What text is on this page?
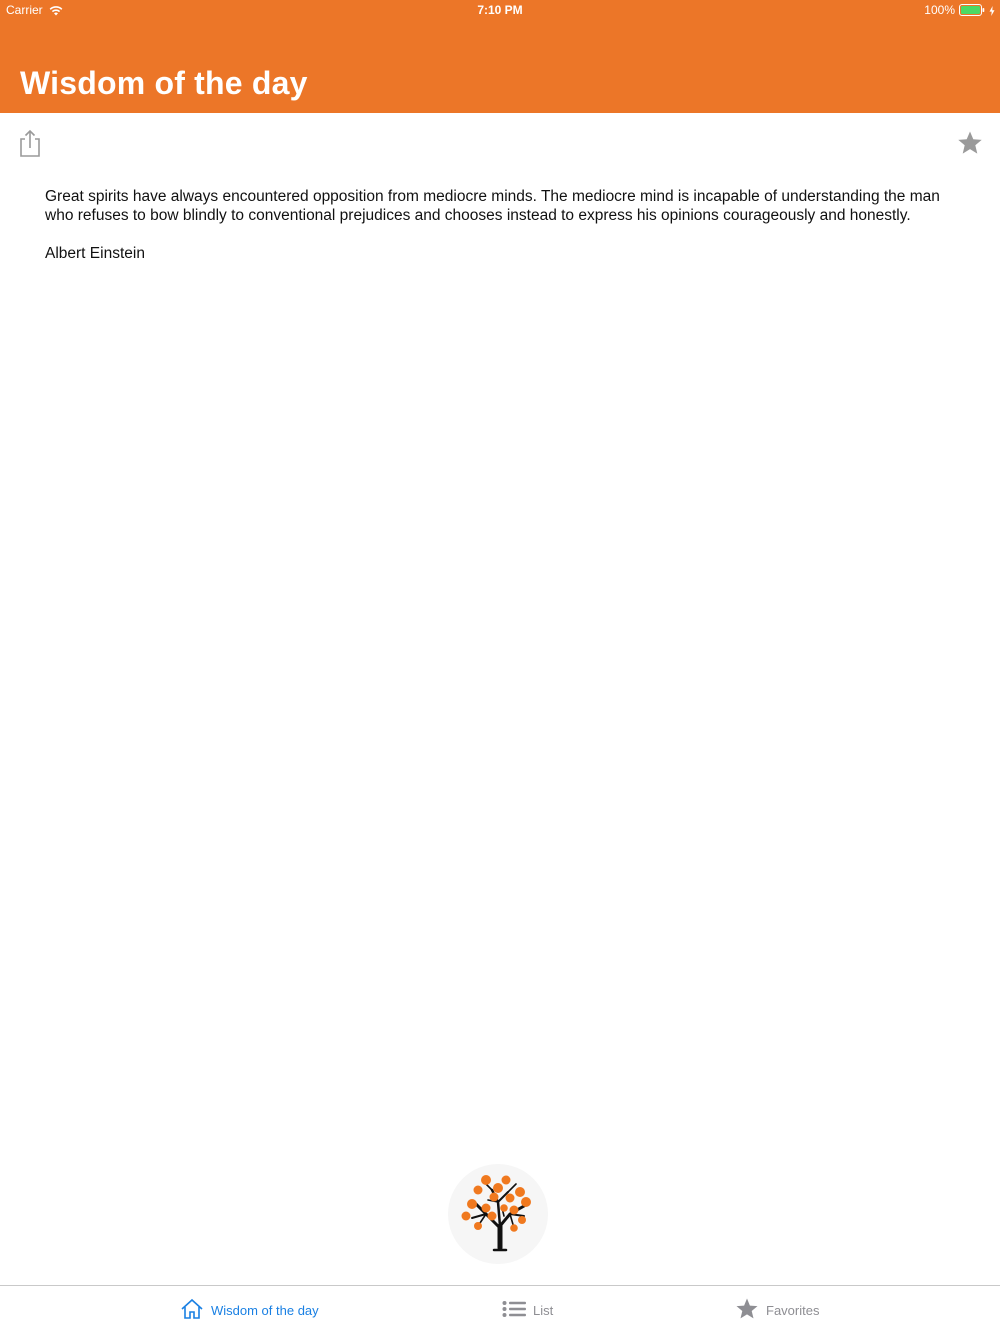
Carrier	7:10 PM	100%
Wisdom of the day

Great spirits have always encountered opposition from mediocre minds. The mediocre mind is incapable of understanding the man who refuses to bow blindly to conventional prejudices and chooses instead to express his opinions courageously and honestly.

Albert Einstein

Wisdom of the day	List	Favorites
